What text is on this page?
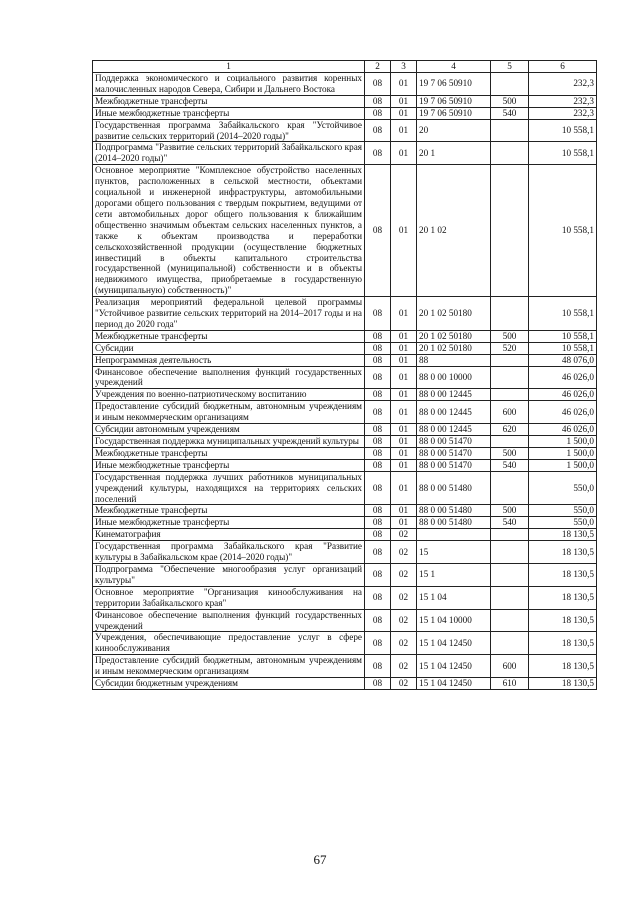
1	2	3	4	5	6
Поддержка экономического и социального развития коренных малочисленных народов Севера, Сибири и Дальнего Востока	08	01	19 7 06 50910		232,3
Межбюджетные трансферты	08	01	19 7 06 50910	500	232,3
Иные межбюджетные трансферты	08	01	19 7 06 50910	540	232,3
Государственная программа Забайкальского края "Устойчивое развитие сельских территорий (2014–2020 годы)"	08	01	20		10 558,1
Подпрограмма "Развитие сельских территорий Забайкальского края (2014–2020 годы)"	08	01	20 1		10 558,1
Основное мероприятие "Комплексное обустройство населенных пунктов, расположенных в сельской местности, объектами социальной и инженерной инфраструктуры, автомобильными дорогами общего пользования с твердым покрытием, ведущими от сети автомобильных дорог общего пользования к ближайшим общественно значимым объектам сельских населенных пунктов, а также к объектам производства и переработки сельскохозяйственной продукции (осуществление бюджетных инвестиций в объекты капитального строительства государственной (муниципальной) собственности и в объекты недвижимого имущества, приобретаемые в государственную (муниципальную) собственность)"	08	01	20 1 02		10 558,1
Реализация мероприятий федеральной целевой программы "Устойчивое развитие сельских территорий на 2014–2017 годы и на период до 2020 года"	08	01	20 1 02 50180		10 558,1
Межбюджетные трансферты	08	01	20 1 02 50180	500	10 558,1
Субсидии	08	01	20 1 02 50180	520	10 558,1
Непрограммная деятельность	08	01	88		48 076,0
Финансовое обеспечение выполнения функций государственных учреждений	08	01	88 0 00 10000		46 026,0
Учреждения по военно-патриотическому воспитанию	08	01	88 0 00 12445		46 026,0
Предоставление субсидий бюджетным, автономным учреждениям и иным некоммерческим организациям	08	01	88 0 00 12445	600	46 026,0
Субсидии автономным учреждениям	08	01	88 0 00 12445	620	46 026,0
Государственная поддержка муниципальных учреждений культуры	08	01	88 0 00 51470		1 500,0
Межбюджетные трансферты	08	01	88 0 00 51470	500	1 500,0
Иные межбюджетные трансферты	08	01	88 0 00 51470	540	1 500,0
Государственная поддержка лучших работников муниципальных учреждений культуры, находящихся на территориях сельских поселений	08	01	88 0 00 51480		550,0
Межбюджетные трансферты	08	01	88 0 00 51480	500	550,0
Иные межбюджетные трансферты	08	01	88 0 00 51480	540	550,0
Кинематография	08	02			18 130,5
Государственная программа Забайкальского края "Развитие культуры в Забайкальском крае (2014–2020 годы)"	08	02	15		18 130,5
Подпрограмма "Обеспечение многообразия услуг организаций культуры"	08	02	15 1		18 130,5
Основное мероприятие "Организация кинообслуживания на территории Забайкальского края"	08	02	15 1 04		18 130,5
Финансовое обеспечение выполнения функций государственных учреждений	08	02	15 1 04 10000		18 130,5
Учреждения, обеспечивающие предоставление услуг в сфере кинообслуживания	08	02	15 1 04 12450		18 130,5
Предоставление субсидий бюджетным, автономным учреждениям и иным некоммерческим организациям	08	02	15 1 04 12450	600	18 130,5
Субсидии бюджетным учреждениям	08	02	15 1 04 12450	610	18 130,5
67
